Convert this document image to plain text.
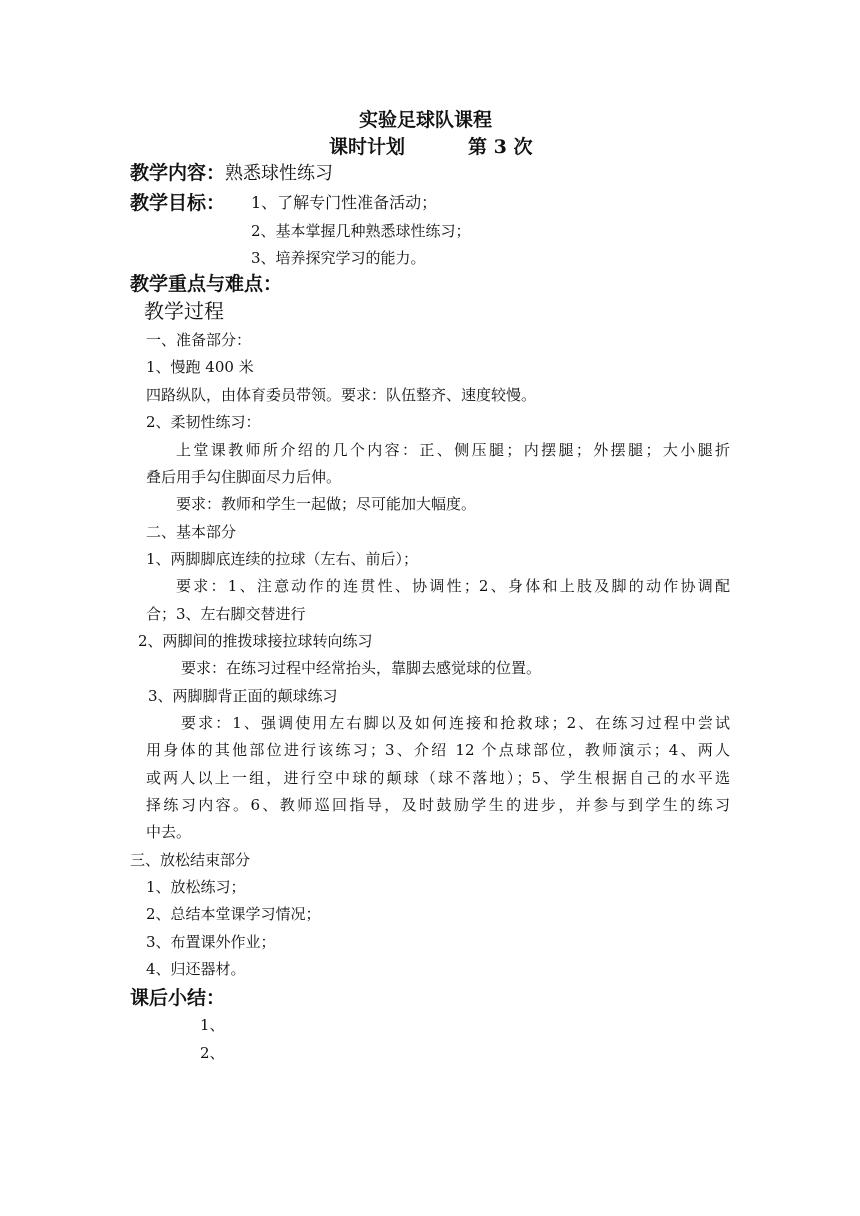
实验足球队课程
课时计划	第 3 次
教学内容：熟悉球性练习
教学目标： 1、了解专门性准备活动；
2、基本掌握几种熟悉球性练习；
3、培养探究学习的能力。
教学重点与难点：
教学过程
一、准备部分：
1、慢跑 400 米
四路纵队，由体育委员带领。要求：队伍整齐、速度较慢。
2、柔韧性练习：
上堂课教师所介绍的几个内容：正、侧压腿；内摆腿；外摆腿；大小腿折
叠后用手勾住脚面尽力后伸。
要求：教师和学生一起做；尽可能加大幅度。
二、基本部分
1、两脚脚底连续的拉球（左右、前后）；
要求：1、注意动作的连贯性、协调性；2、身体和上肢及脚的动作协调配
合；3、左右脚交替进行
2、两脚间的推拨球接拉球转向练习
要求：在练习过程中经常抬头，靠脚去感觉球的位置。
3、两脚脚背正面的颠球练习
要求：1、强调使用左右脚以及如何连接和抢救球；2、在练习过程中尝试
用身体的其他部位进行该练习；3、介绍 12 个点球部位，教师演示；4、两人
或两人以上一组，进行空中球的颠球（球不落地）；5、学生根据自己的水平选
择练习内容。6、教师巡回指导，及时鼓励学生的进步，并参与到学生的练习
中去。
三、放松结束部分
1、放松练习；
2、总结本堂课学习情况；
3、布置课外作业；
4、归还器材。
课后小结：
1、
2、
